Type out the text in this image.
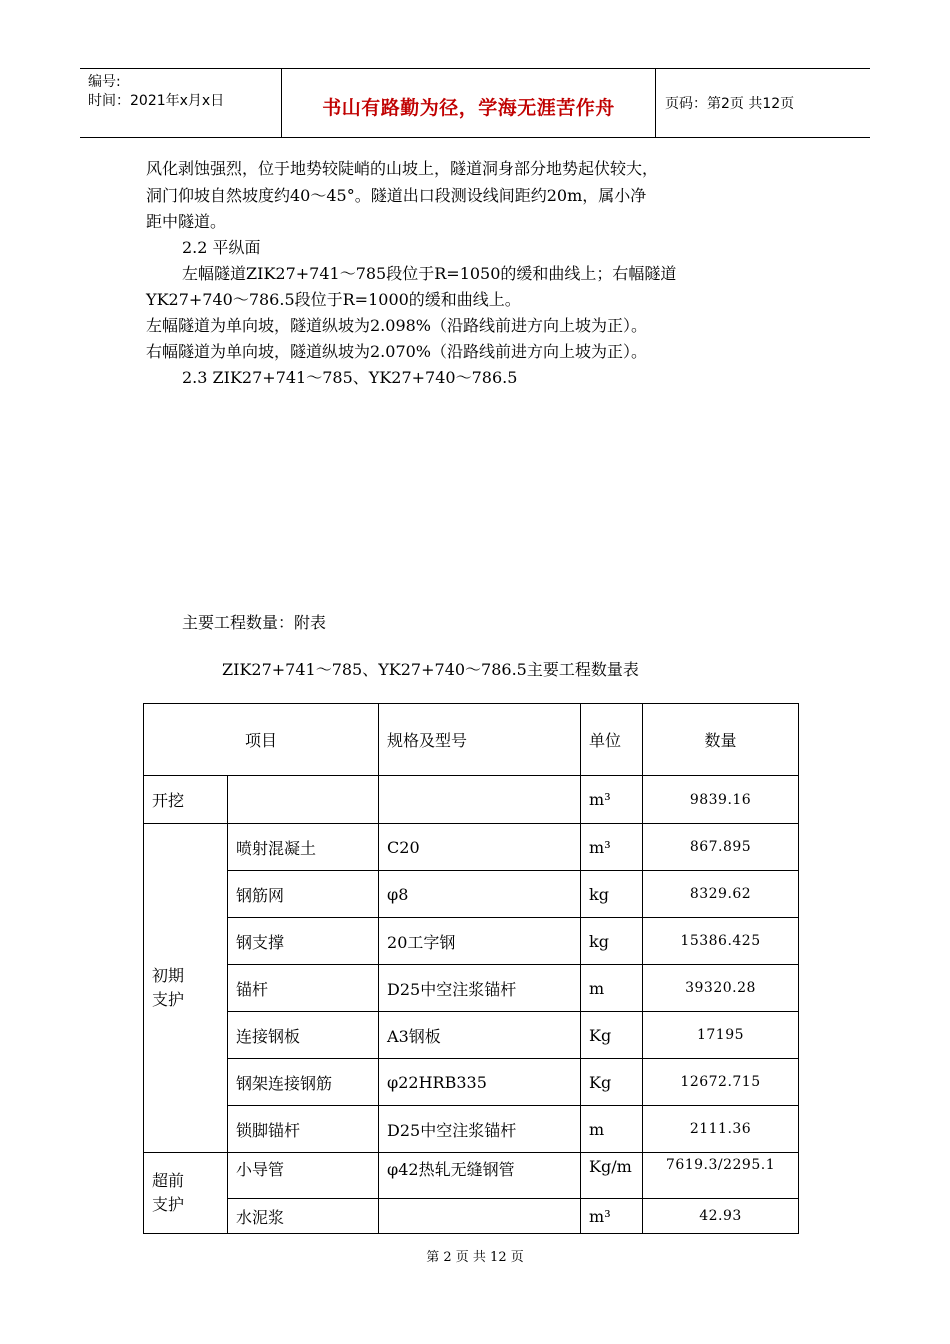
编号:
时间：2021年x月x日	书山有路勤为径，学海无涯苦作舟	页码：第2页 共12页
风化剥蚀强烈，位于地势较陡峭的山坡上，隧道洞身部分地势起伏较大，
洞门仰坡自然坡度约40～45°。隧道出口段测设线间距约20m，属小净
距中隧道。
2.2 平纵面
左幅隧道ZIK27+741～785段位于R=1050的缓和曲线上；右幅隧道
YK27+740～786.5段位于R=1000的缓和曲线上。
左幅隧道为单向坡，隧道纵坡为2.098%（沿路线前进方向上坡为正）。
右幅隧道为单向坡，隧道纵坡为2.070%（沿路线前进方向上坡为正）。
2.3 ZIK27+741～785、YK27+740～786.5
主要工程数量：附表
ZIK27+741～785、YK27+740～786.5主要工程数量表
项目		规格及型号	单位	数量
开挖			m³	9839.16
初期
支护	喷射混凝土	C20	m³	867.895
	钢筋网	φ8	kg	8329.62
	钢支撑	20工字钢	kg	15386.425
	锚杆	D25中空注浆锚杆	m	39320.28
	连接钢板	A3钢板	Kg	17195
	钢架连接钢筋	φ22HRB335	Kg	12672.715
	锁脚锚杆	D25中空注浆锚杆	m	2111.36
超前
支护	小导管	φ42热轧无缝钢管	Kg/m	7619.3/2295.1
	水泥浆		m³	42.93
第 2 页 共 12 页
